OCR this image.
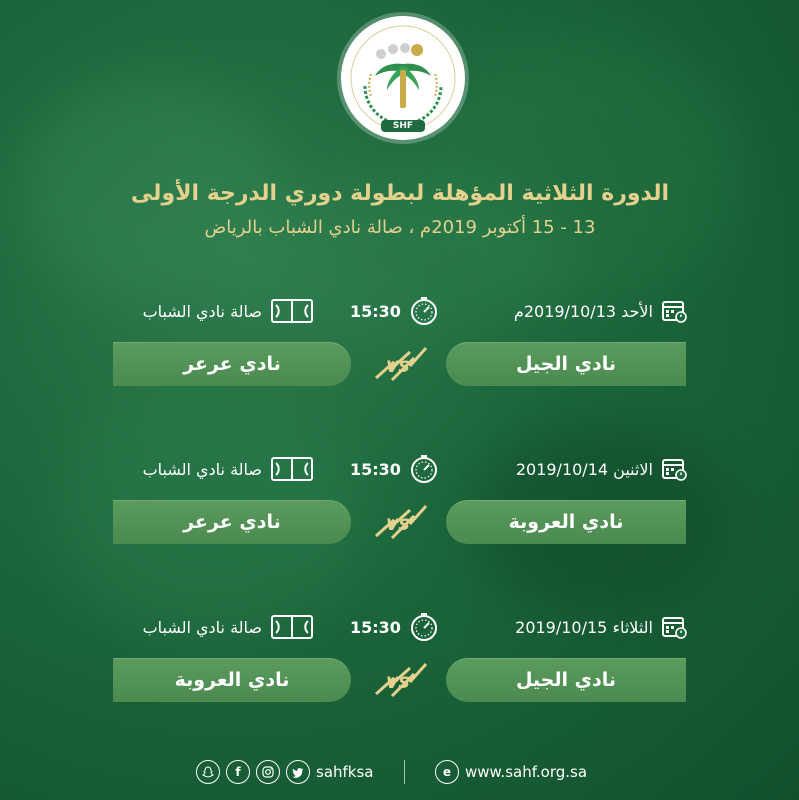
SHF
الدورة الثلاثية المؤهلة لبطولة دوري الدرجة الأولى
13 - 15 أكتوبر 2019م ، صالة نادي الشباب بالرياض
الأحد 2019/10/13م
15:30
صالة نادي الشباب
نادي الجيل
VS
نادي عرعر
الاثنين 2019/10/14
15:30
صالة نادي الشباب
نادي العروبة
VS
نادي عرعر
الثلاثاء 2019/10/15
15:30
صالة نادي الشباب
نادي الجيل
VS
نادي العروبة
f	sahfksa	e www.sahf.org.sa
